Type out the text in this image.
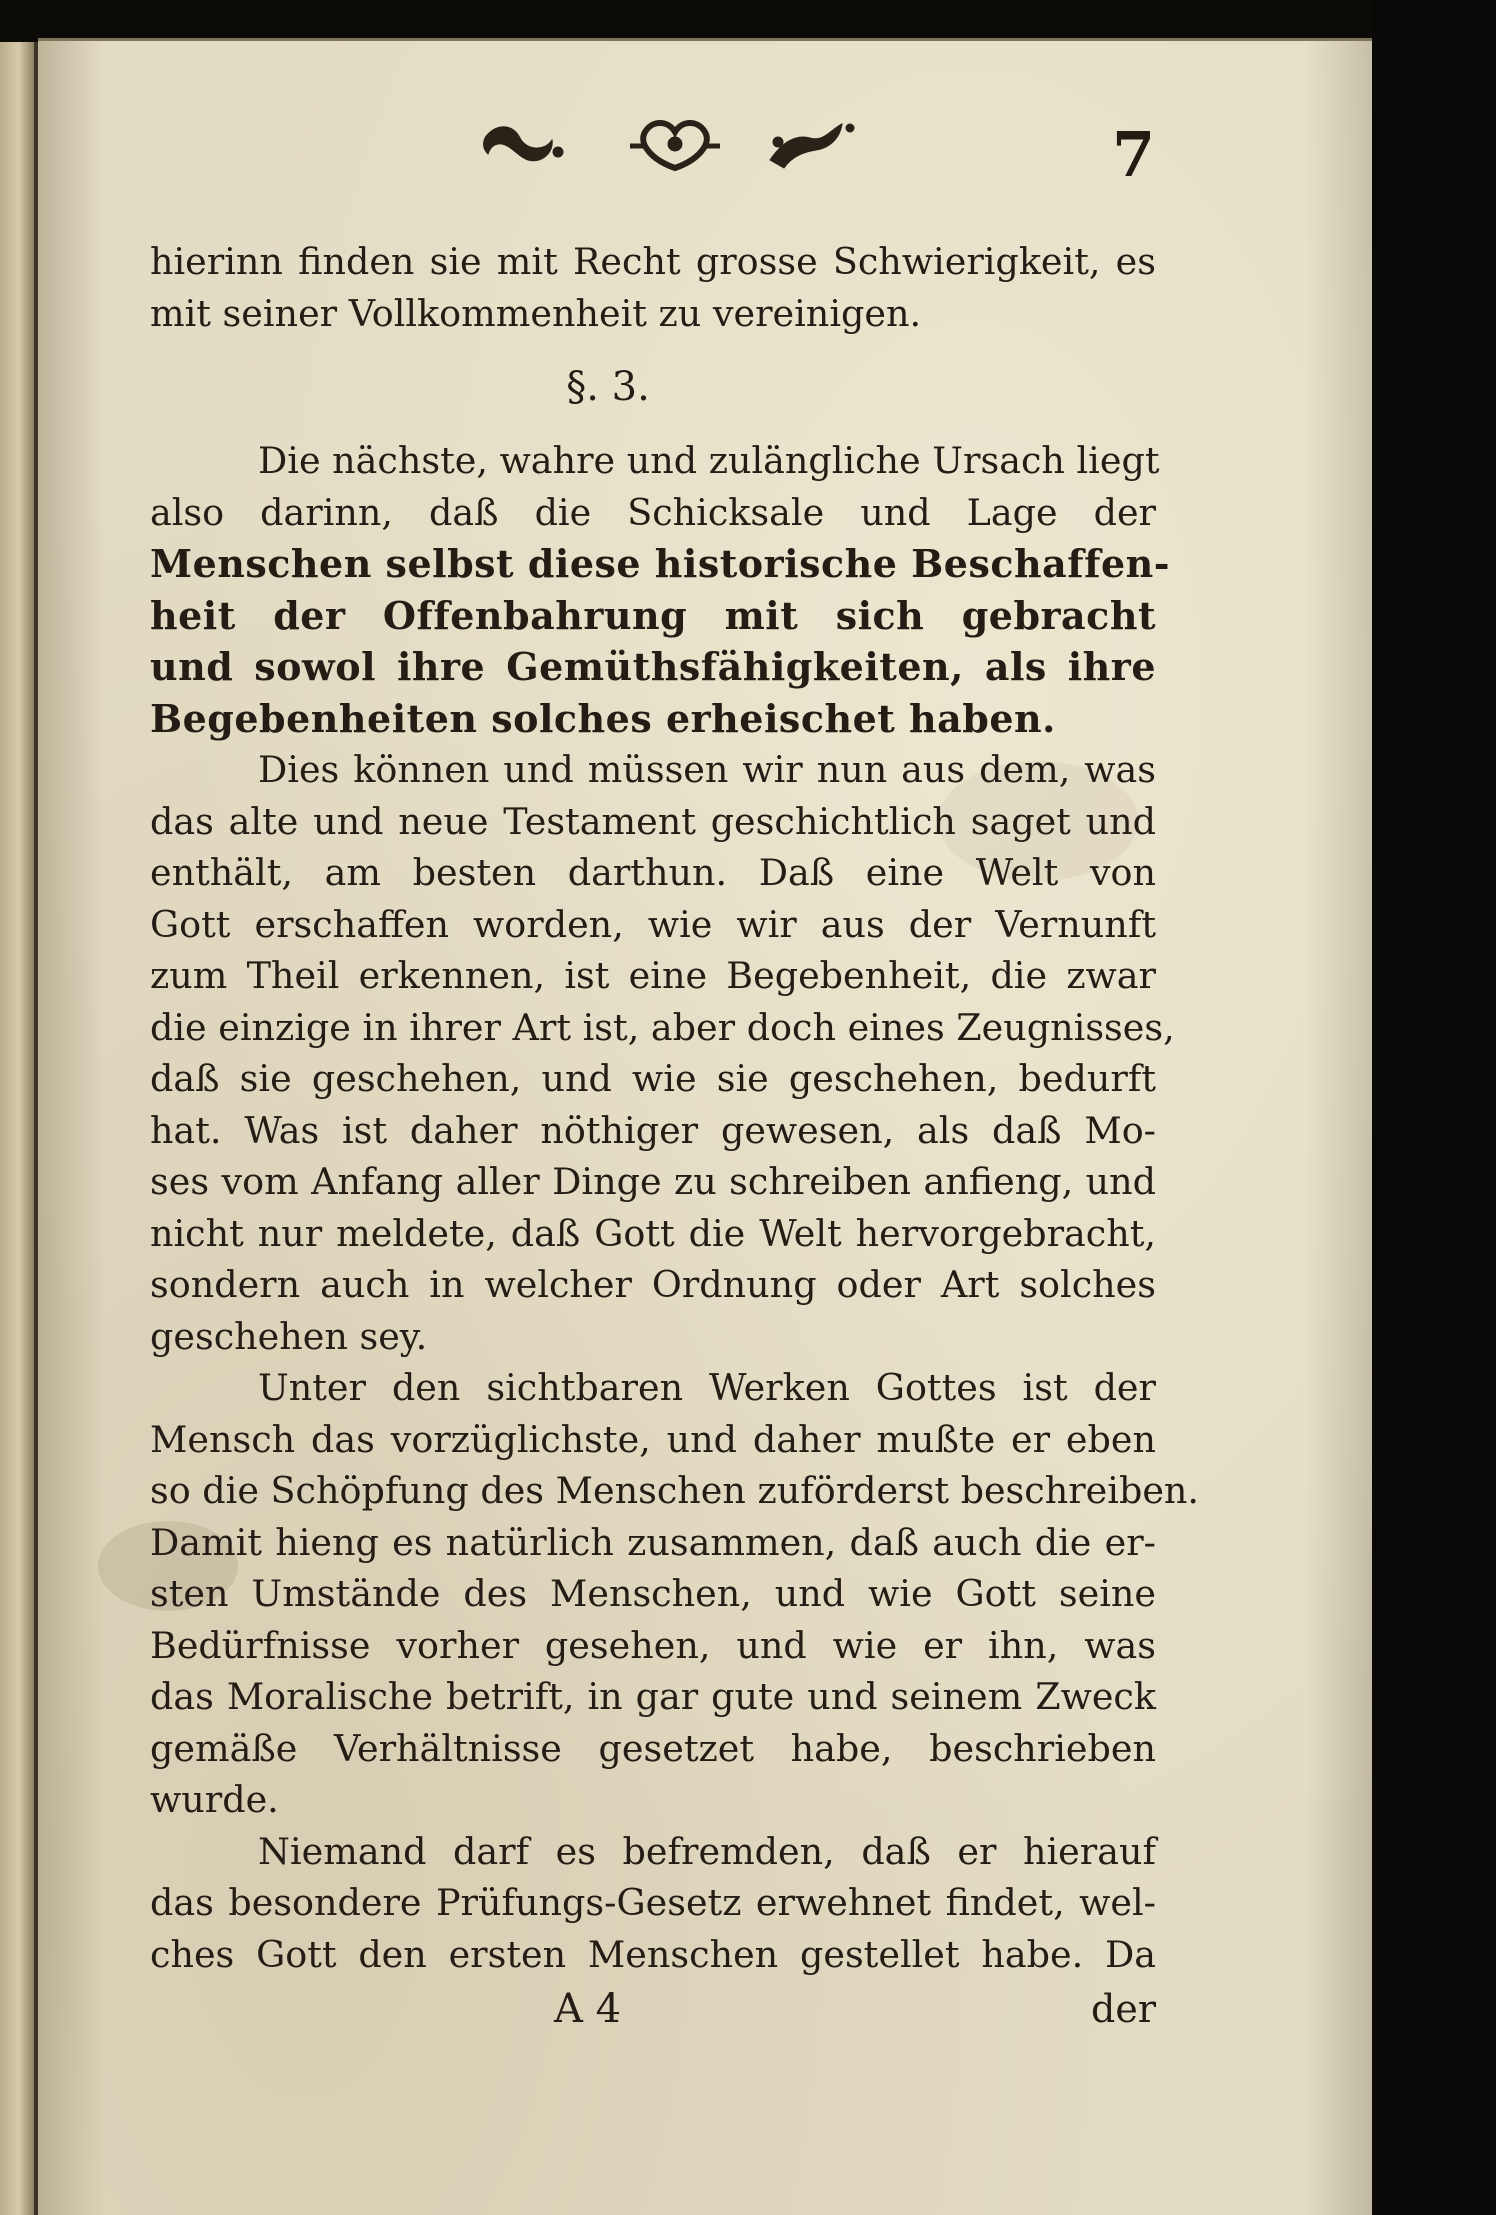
7
hierinn finden sie mit Recht grosse Schwierigkeit, es
mit seiner Vollkommenheit zu vereinigen.
§. 3.
Die nächste, wahre und zulängliche Ursach liegt
also darinn, daß die Schicksale und Lage der
Menschen selbst diese historische Beschaffen-
heit der Offenbahrung mit sich gebracht
und sowol ihre Gemüthsfähigkeiten, als ihre
Begebenheiten solches erheischet haben.
Dies können und müssen wir nun aus dem, was
das alte und neue Testament geschichtlich saget und
enthält, am besten darthun. Daß eine Welt von
Gott erschaffen worden, wie wir aus der Vernunft
zum Theil erkennen, ist eine Begebenheit, die zwar
die einzige in ihrer Art ist, aber doch eines Zeugnisses,
daß sie geschehen, und wie sie geschehen, bedurft
hat. Was ist daher nöthiger gewesen, als daß Mo-
ses vom Anfang aller Dinge zu schreiben anfieng, und
nicht nur meldete, daß Gott die Welt hervorgebracht,
sondern auch in welcher Ordnung oder Art solches
geschehen sey.
Unter den sichtbaren Werken Gottes ist der
Mensch das vorzüglichste, und daher mußte er eben
so die Schöpfung des Menschen zuförderst beschreiben.
Damit hieng es natürlich zusammen, daß auch die er-
sten Umstände des Menschen, und wie Gott seine
Bedürfnisse vorher gesehen, und wie er ihn, was
das Moralische betrift, in gar gute und seinem Zweck
gemäße Verhältnisse gesetzet habe, beschrieben
wurde.
Niemand darf es befremden, daß er hierauf
das besondere Prüfungs-Gesetz erwehnet findet, wel-
ches Gott den ersten Menschen gestellet habe. Da
A 4	der
